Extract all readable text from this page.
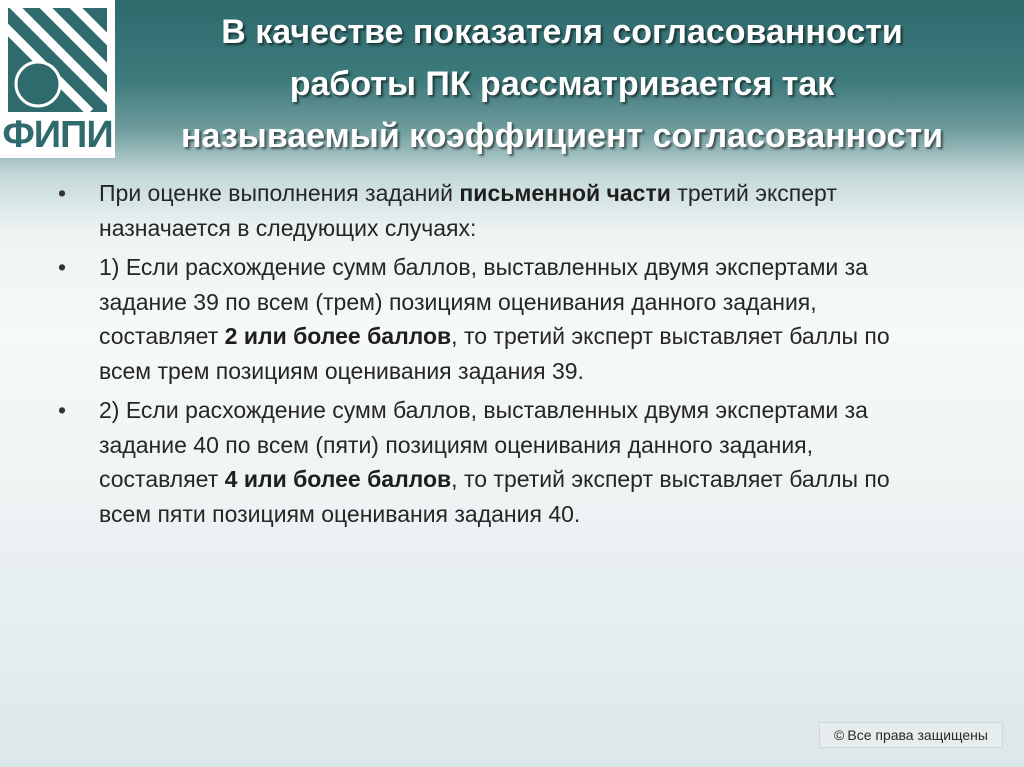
ФИПИ
В качестве показателя согласованности
работы ПК рассматривается так
называемый коэффициент согласованности
•	При оценке выполнения заданий письменной части третий эксперт назначается в следующих случаях:
•	1) Если расхождение сумм баллов, выставленных двумя экспертами за задание 39 по всем (трем) позициям оценивания данного задания, составляет 2 или более баллов, то третий эксперт выставляет баллы по всем трем позициям оценивания задания 39.
•	2) Если расхождение сумм баллов, выставленных двумя экспертами за задание 40 по всем (пяти) позициям оценивания данного задания, составляет 4 или более баллов, то третий эксперт выставляет баллы по всем пяти позициям оценивания задания 40.
© Все права защищены
